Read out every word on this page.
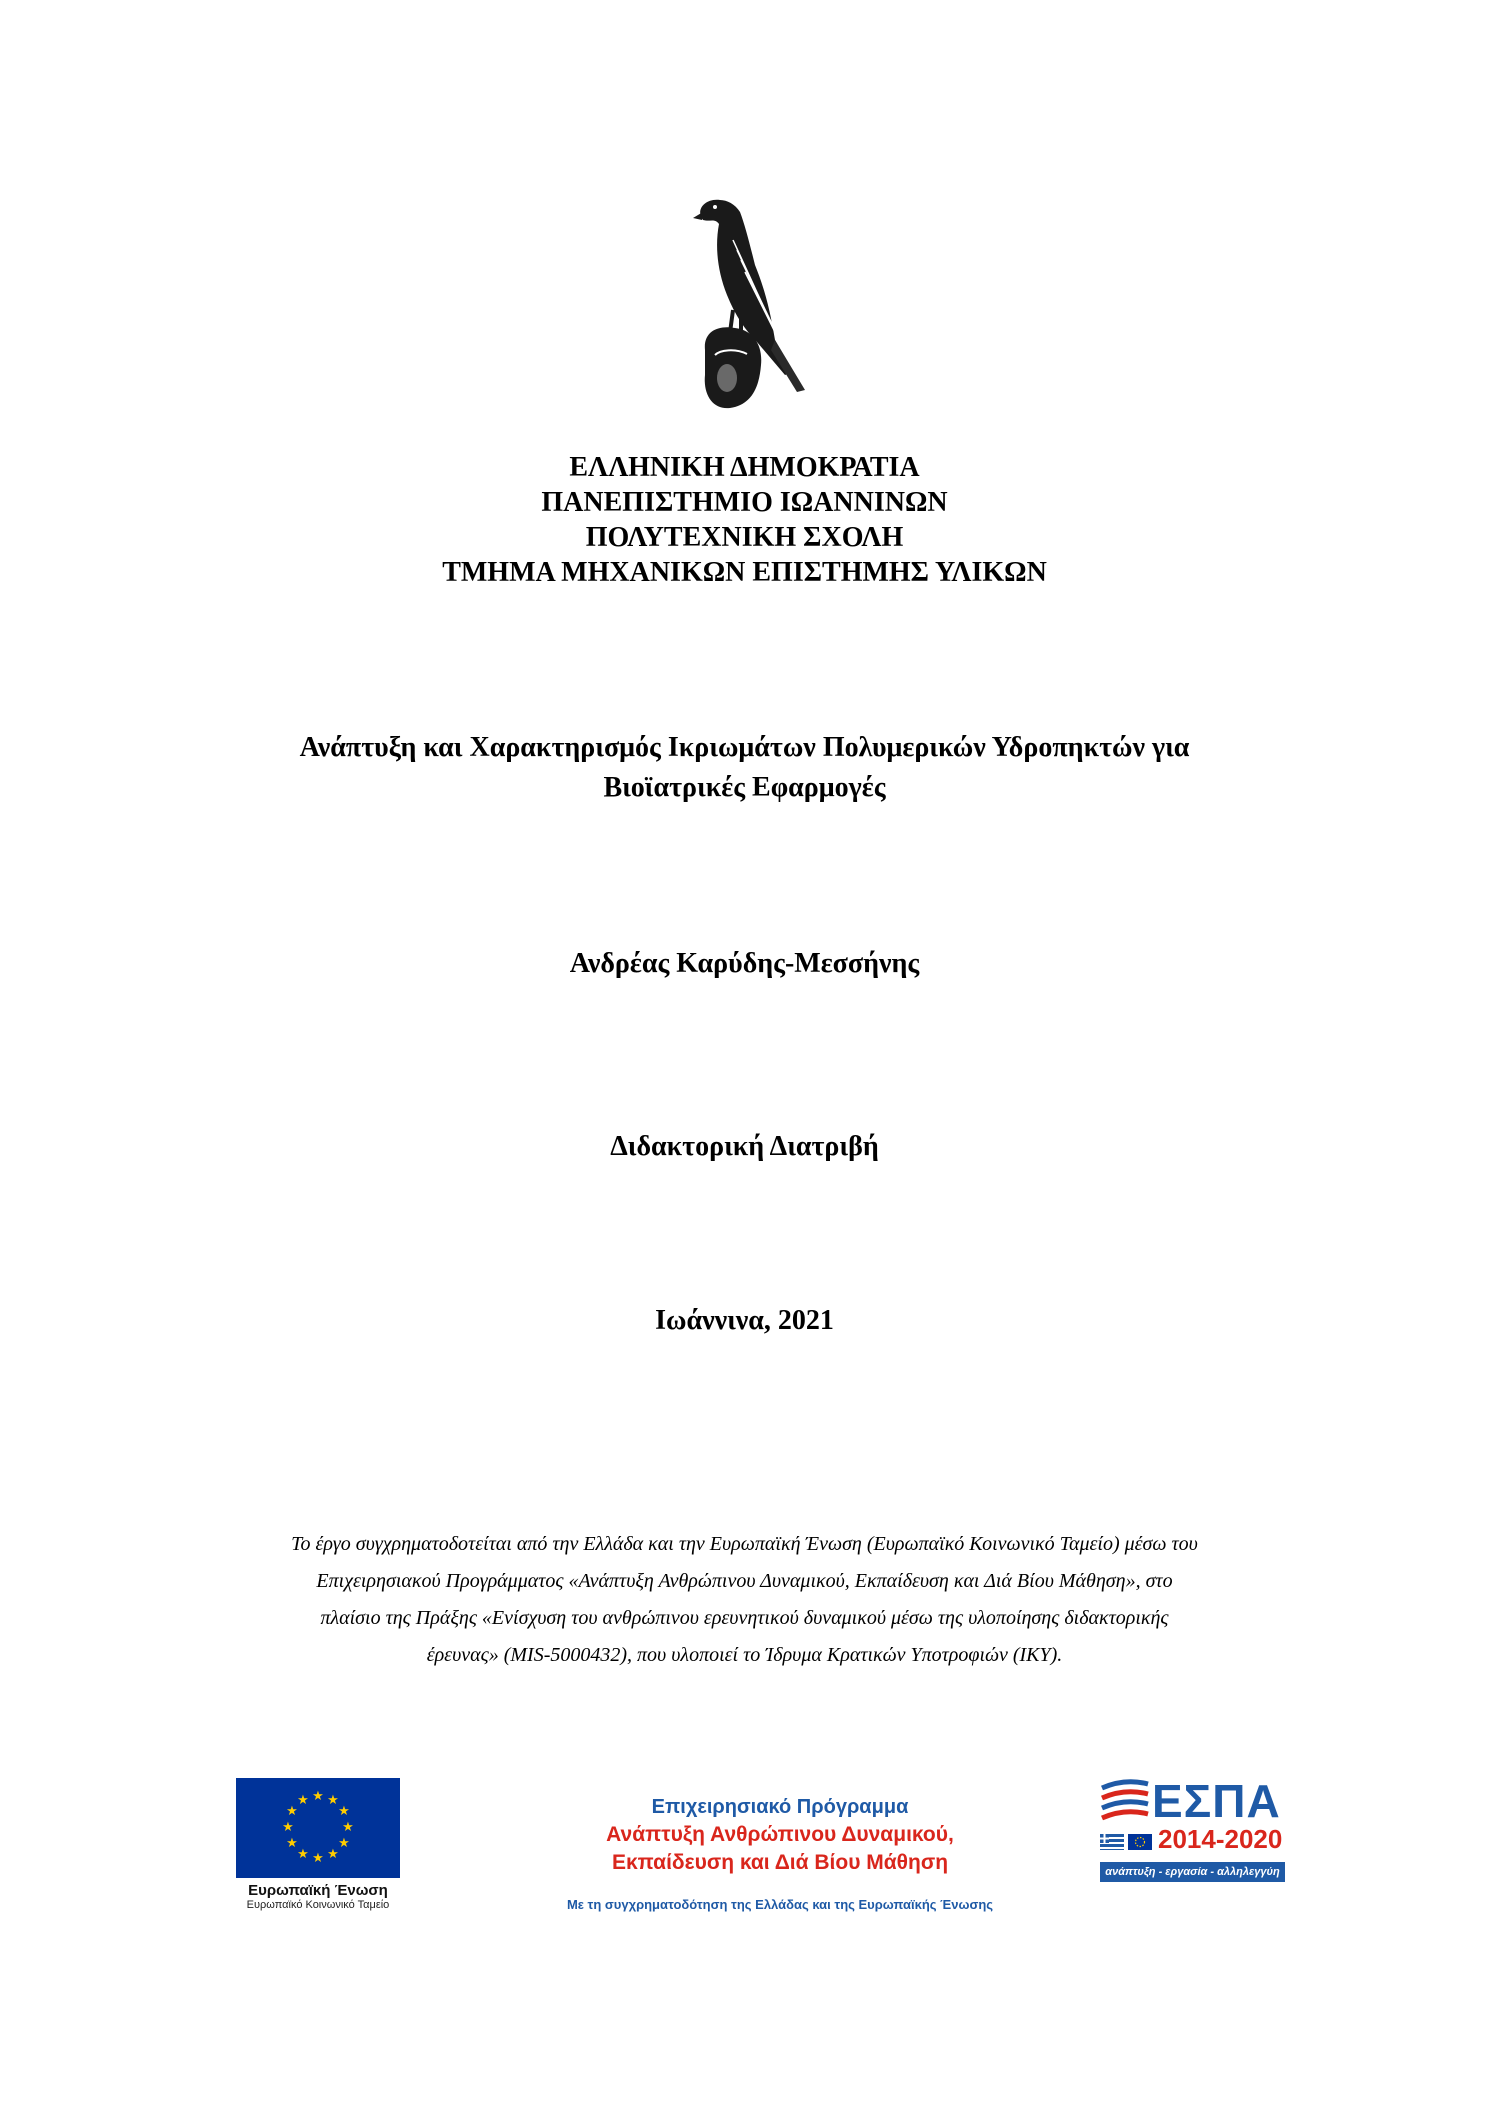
ΕΛΛΗΝΙΚΗ ΔΗΜΟΚΡΑΤΙΑ
ΠΑΝΕΠΙΣΤΗΜΙΟ ΙΩΑΝΝΙΝΩΝ
ΠΟΛΥΤΕΧΝΙΚΗ ΣΧΟΛΗ
ΤΜΗΜΑ ΜΗΧΑΝΙΚΩΝ ΕΠΙΣΤΗΜΗΣ ΥΛΙΚΩΝ
Ανάπτυξη και Χαρακτηρισμός Ικριωμάτων Πολυμερικών Υδροπηκτών για
Βιοϊατρικές Εφαρμογές
Ανδρέας Καρύδης-Μεσσήνης
Διδακτορική Διατριβή
Ιωάννινα, 2021
Το έργο συγχρηματοδοτείται από την Ελλάδα και την Ευρωπαϊκή Ένωση (Ευρωπαϊκό Κοινωνικό Ταμείο) μέσω του
Επιχειρησιακού Προγράμματος «Ανάπτυξη Ανθρώπινου Δυναμικού, Εκπαίδευση και Διά Βίου Μάθηση», στο
πλαίσιο της Πράξης «Ενίσχυση του ανθρώπινου ερευνητικού δυναμικού μέσω της υλοποίησης διδακτορικής
έρευνας» (MIS-5000432), που υλοποιεί το Ίδρυμα Κρατικών Υποτροφιών (ΙΚΥ).
★ ★
★
★
★
★
★
★
★
★
★
★
Ευρωπαϊκή Ένωση
Ευρωπαϊκό Κοινωνικό Ταμείο
Επιχειρησιακό Πρόγραμμα
Ανάπτυξη Ανθρώπινου Δυναμικού,
Εκπαίδευση και Διά Βίου Μάθηση
Με τη συγχρηματοδότηση της Ελλάδας και της Ευρωπαϊκής Ένωσης
ΕΣΠΑ
2014-2020
ανάπτυξη - εργασία - αλληλεγγύη
